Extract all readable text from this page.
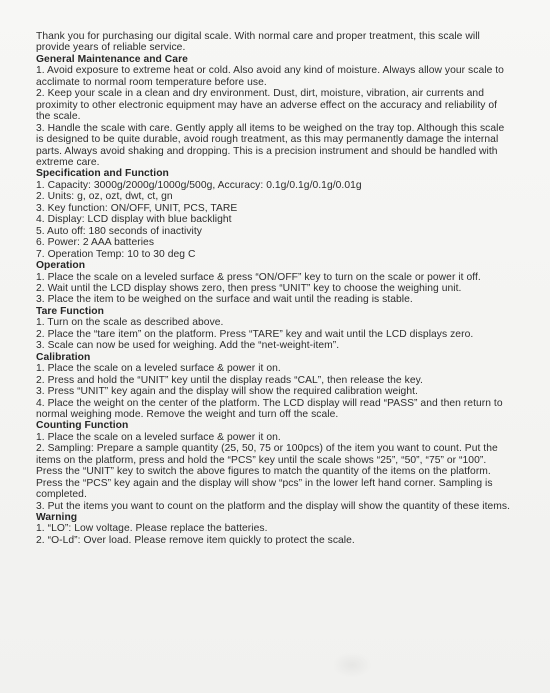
Thank you for purchasing our digital scale. With normal care and proper treatment, this scale will provide years of reliable service.

General Maintenance and Care

1. Avoid exposure to extreme heat or cold. Also avoid any kind of moisture. Always allow your scale to acclimate to normal room temperature before use.

2. Keep your scale in a clean and dry environment. Dust, dirt, moisture, vibration, air currents and proximity to other electronic equipment may have an adverse effect on the accuracy and reliability of the scale.

3. Handle the scale with care. Gently apply all items to be weighed on the tray top. Although this scale is designed to be quite durable, avoid rough treatment, as this may permanently damage the internal parts. Always avoid shaking and dropping. This is a precision instrument and should be handled with extreme care.

Specification and Function

1. Capacity: 3000g/2000g/1000g/500g, Accuracy: 0.1g/0.1g/0.1g/0.01g

2. Units: g, oz, ozt, dwt, ct, gn

3. Key function: ON/OFF, UNIT, PCS, TARE

4. Display: LCD display with blue backlight

5. Auto off: 180 seconds of inactivity

6. Power: 2 AAA batteries

7. Operation Temp: 10 to 30 deg C

Operation

1. Place the scale on a leveled surface & press “ON/OFF” key to turn on the scale or power it off.

2. Wait until the LCD display shows zero, then press “UNIT” key to choose the weighing unit.

3. Place the item to be weighed on the surface and wait until the reading is stable.

Tare Function

1. Turn on the scale as described above.

2. Place the “tare item” on the platform. Press “TARE” key and wait until the LCD displays zero.

3. Scale can now be used for weighing. Add the “net-weight-item”.

Calibration

1. Place the scale on a leveled surface & power it on.

2. Press and hold the “UNIT” key until the display reads “CAL”, then release the key.

3. Press “UNIT” key again and the display will show the required calibration weight.

4. Place the weight on the center of the platform. The LCD display will read “PASS” and then return to normal weighing mode. Remove the weight and turn off the scale.

Counting Function

1. Place the scale on a leveled surface & power it on.

2. Sampling: Prepare a sample quantity (25, 50, 75 or 100pcs) of the item you want to count. Put the items on the platform, press and hold the “PCS” key until the scale shows “25”, “50”, “75” or “100”. Press the “UNIT” key to switch the above figures to match the quantity of the items on the platform. Press the “PCS” key again and the display will show “pcs” in the lower left hand corner. Sampling is completed.

3. Put the items you want to count on the platform and the display will show the quantity of these items.

Warning

1. “LO”: Low voltage. Please replace the batteries.

2. “O-Ld”: Over load. Please remove item quickly to protect the scale.
